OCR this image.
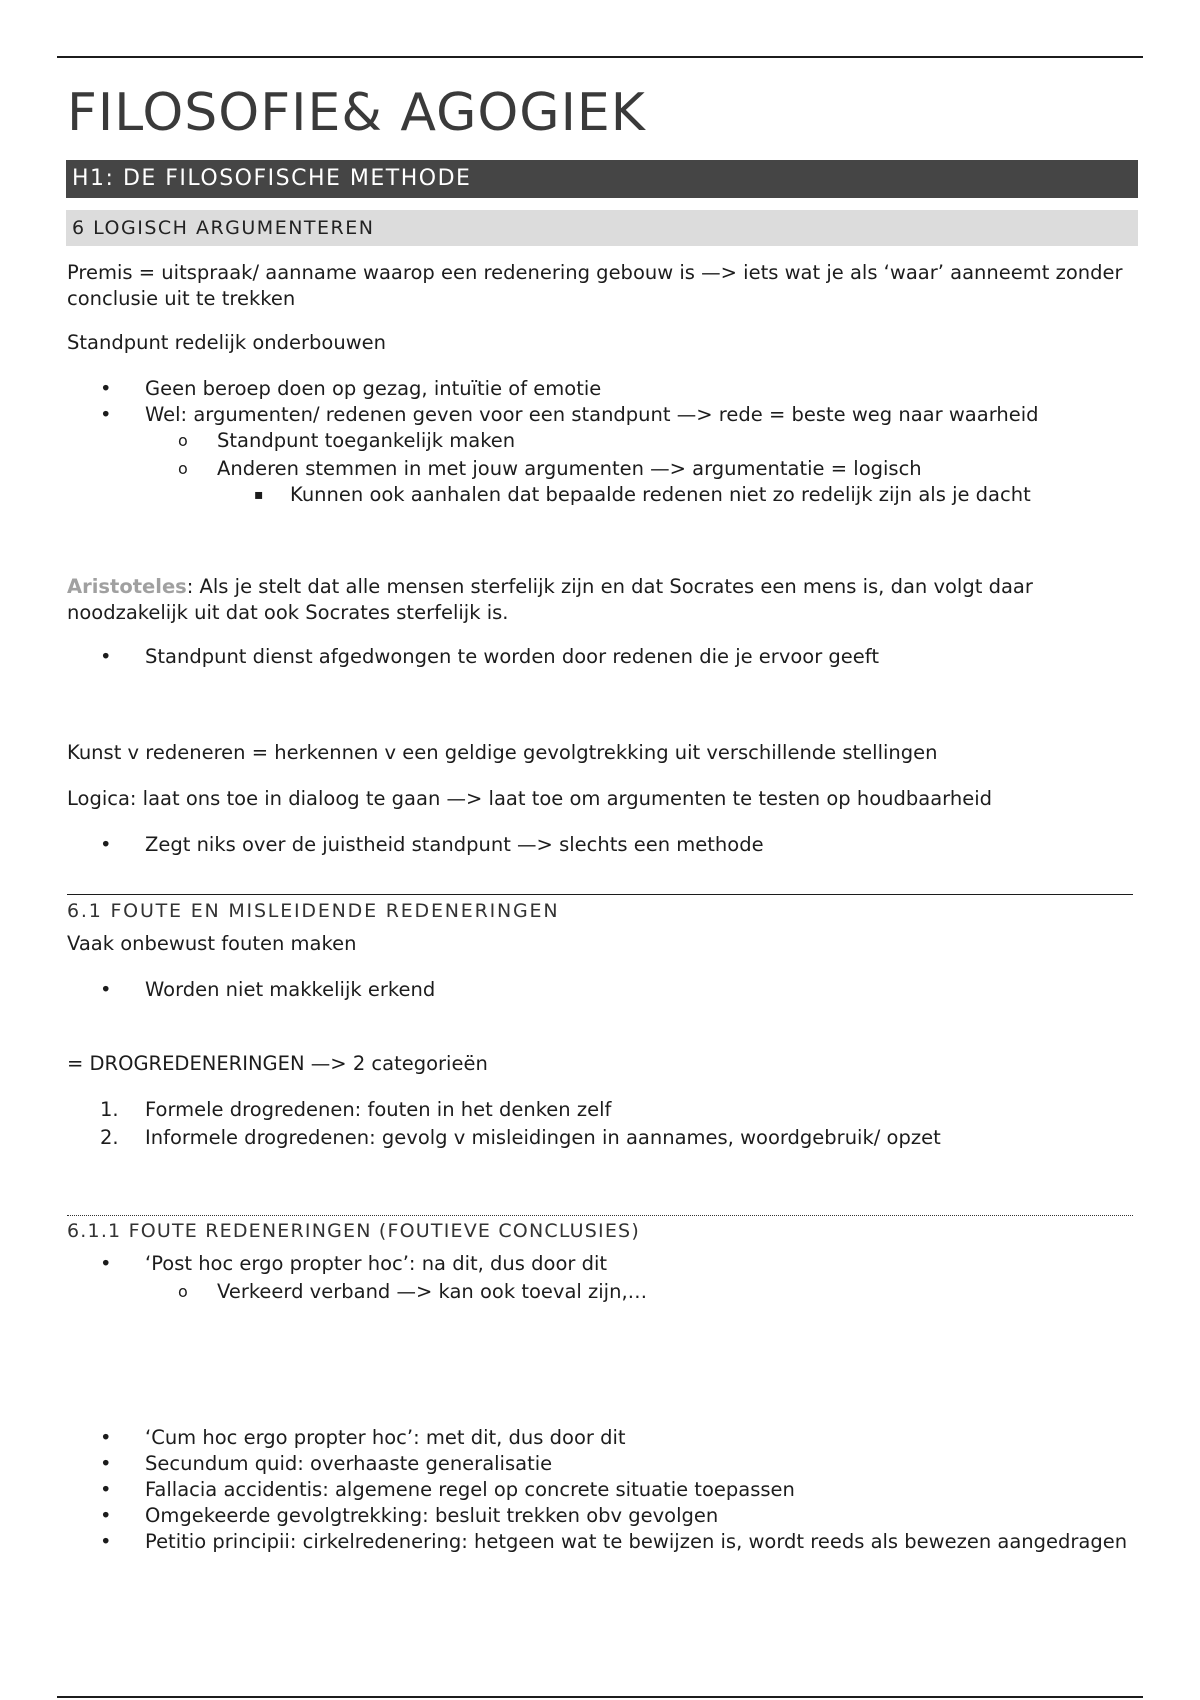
FILOSOFIE& AGOGIEK
H1: DE FILOSOFISCHE METHODE
6 LOGISCH ARGUMENTEREN

Premis = uitspraak/ aanname waarop een redenering gebouw is —> iets wat je als ‘waar’ aanneemt zonder conclusie uit te trekken

Standpunt redelijk onderbouwen

• Geen beroep doen op gezag, intuïtie of emotie
• Wel: argumenten/ redenen geven voor een standpunt —> rede = beste weg naar waarheid
o Standpunt toegankelijk maken
o Anderen stemmen in met jouw argumenten —> argumentatie = logisch
▪ Kunnen ook aanhalen dat bepaalde redenen niet zo redelijk zijn als je dacht

Aristoteles: Als je stelt dat alle mensen sterfelijk zijn en dat Socrates een mens is, dan volgt daar noodzakelijk uit dat ook Socrates sterfelijk is.

• Standpunt dienst afgedwongen te worden door redenen die je ervoor geeft

Kunst v redeneren = herkennen v een geldige gevolgtrekking uit verschillende stellingen

Logica: laat ons toe in dialoog te gaan —> laat toe om argumenten te testen op houdbaarheid

• Zegt niks over de juistheid standpunt —> slechts een methode
6.1 FOUTE EN MISLEIDENDE REDENERINGEN

Vaak onbewust fouten maken

• Worden niet makkelijk erkend

= DROGREDENERINGEN —> 2 categorieën

1. Formele drogredenen: fouten in het denken zelf
2. Informele drogredenen: gevolg v misleidingen in aannames, woordgebruik/ opzet
6.1.1 FOUTE REDENERINGEN (FOUTIEVE CONCLUSIES)
• ‘Post hoc ergo propter hoc’: na dit, dus door dit
o Verkeerd verband —> kan ook toeval zijn,…
• ‘Cum hoc ergo propter hoc’: met dit, dus door dit
• Secundum quid: overhaaste generalisatie
• Fallacia accidentis: algemene regel op concrete situatie toepassen
• Omgekeerde gevolgtrekking: besluit trekken obv gevolgen
• Petitio principii: cirkelredenering: hetgeen wat te bewijzen is, wordt reeds als bewezen aangedragen
